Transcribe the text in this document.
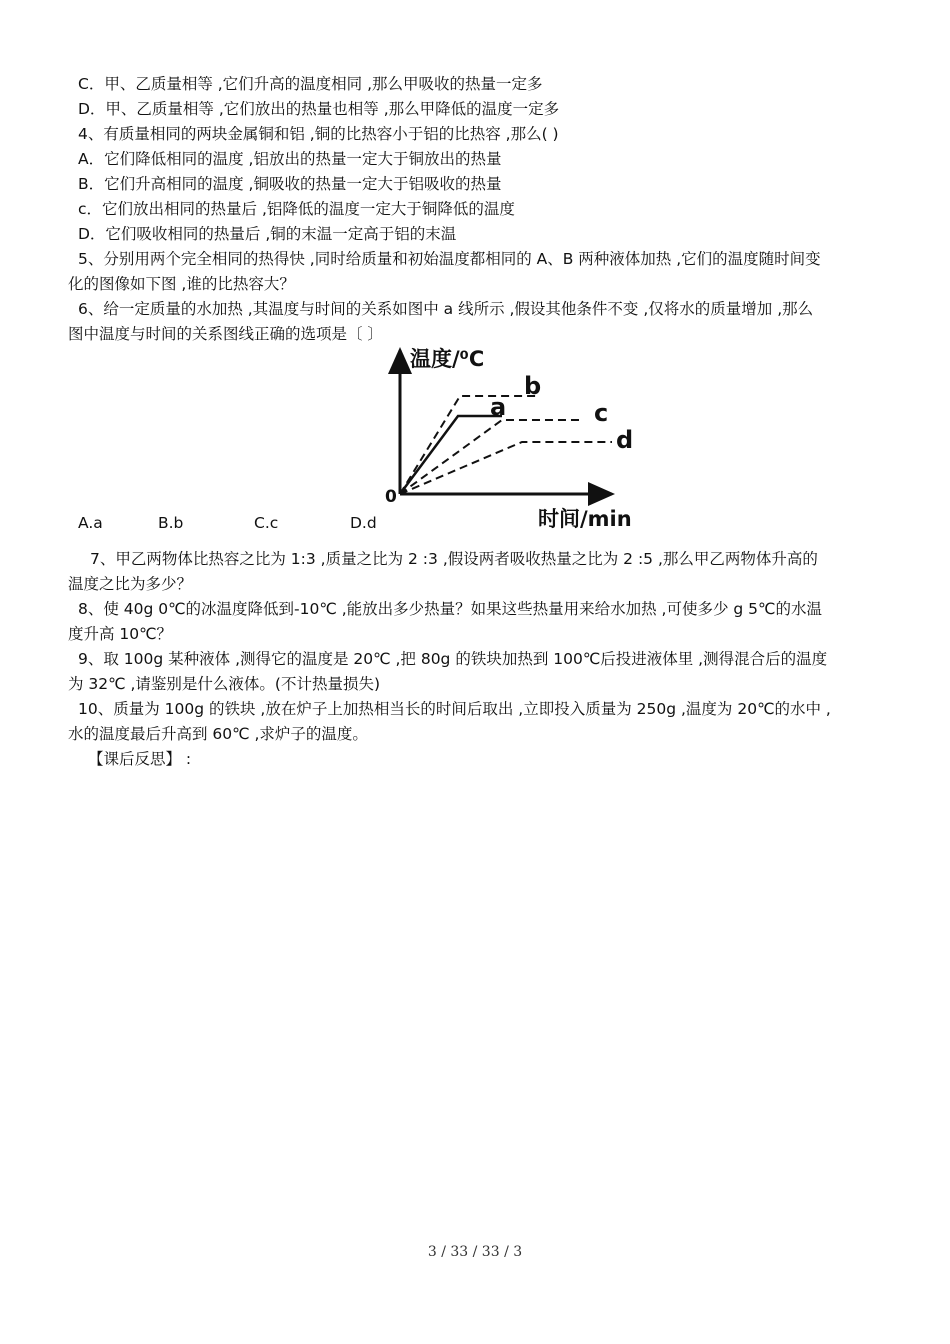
C．甲、乙质量相等 ,它们升高的温度相同 ,那么甲吸收的热量一定多
D．甲、乙质量相等 ,它们放出的热量也相等 ,那么甲降低的温度一定多
4、有质量相同的两块金属铜和铝 ,铜的比热容小于铝的比热容 ,那么( )
A．它们降低相同的温度 ,铝放出的热量一定大于铜放出的热量
B．它们升高相同的温度 ,铜吸收的热量一定大于铝吸收的热量
c．它们放出相同的热量后 ,铝降低的温度一定大于铜降低的温度
D．它们吸收相同的热量后 ,铜的末温一定高于铝的末温
5、分别用两个完全相同的热得快 ,同时给质量和初始温度都相同的 A、B 两种液体加热 ,它们的温度随时间变
化的图像如下图 ,谁的比热容大？
6、给一定质量的水加热 ,其温度与时间的关系如图中 a 线所示 ,假设其他条件不变 ,仅将水的质量增加 ,那么
图中温度与时间的关系图线正确的选项是〔 〕
温度/⁰C
时间/min
0
a
b
c
d
A.a	B.b	C.c	D.d
7、甲乙两物体比热容之比为 1:3 ,质量之比为 2 :3 ,假设两者吸收热量之比为 2 :5 ,那么甲乙两物体升高的
温度之比为多少？
8、使 40g 0℃的冰温度降低到-10℃ ,能放出多少热量？如果这些热量用来给水加热 ,可使多少 g 5℃的水温
度升高 10℃？
9、取 100g 某种液体 ,测得它的温度是 20℃ ,把 80g 的铁块加热到 100℃后投进液体里 ,测得混合后的温度
为 32℃ ,请鉴别是什么液体。(不计热量损失)
10、质量为 100g 的铁块 ,放在炉子上加热相当长的时间后取出 ,立即投入质量为 250g ,温度为 20℃的水中 ,
水的温度最后升高到 60℃ ,求炉子的温度。
【课后反思】 :
3 / 33 / 33 / 3
